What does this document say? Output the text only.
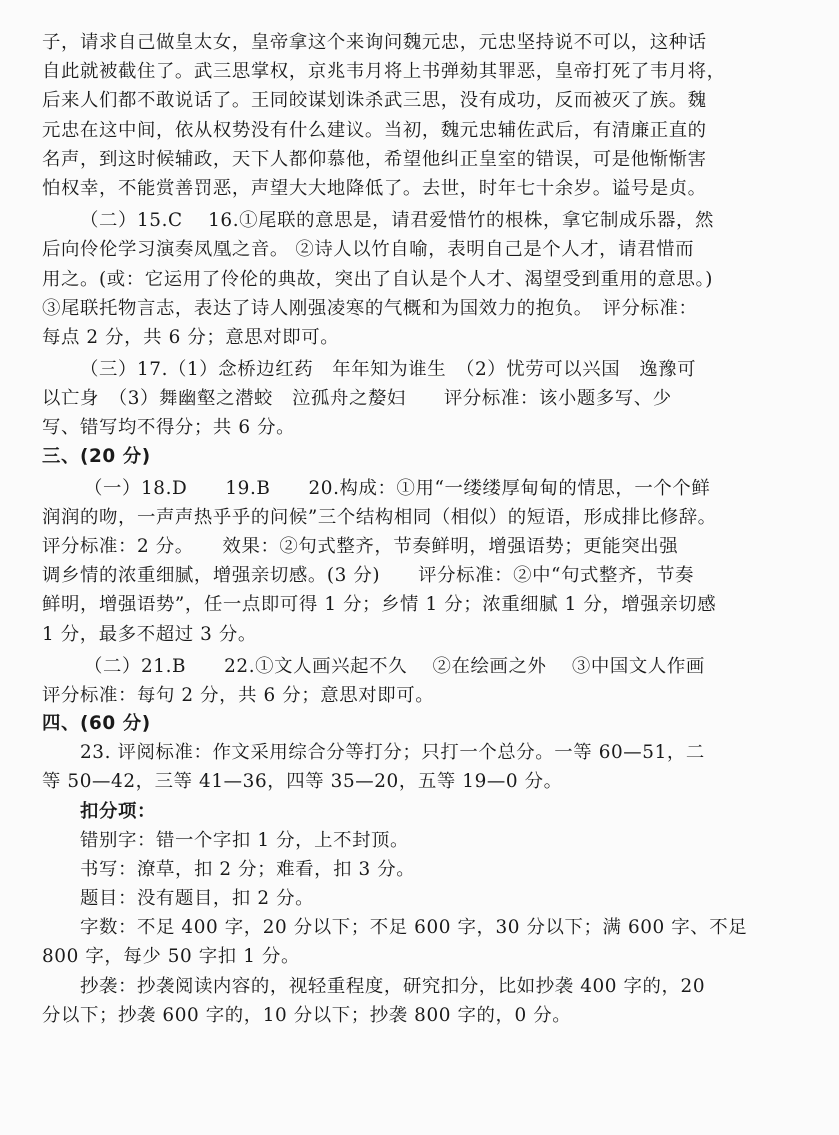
子，请求自己做皇太女，皇帝拿这个来询问魏元忠，元忠坚持说不可以，这种话
自此就被截住了。武三思掌权，京兆韦月将上书弹劾其罪恶，皇帝打死了韦月将，
后来人们都不敢说话了。王同皎谋划诛杀武三思，没有成功，反而被灭了族。魏
元忠在这中间，依从权势没有什么建议。当初，魏元忠辅佐武后，有清廉正直的
名声，到这时候辅政，天下人都仰慕他，希望他纠正皇室的错误，可是他惭惭害
怕权幸，不能赏善罚恶，声望大大地降低了。去世，时年七十余岁。谥号是贞。
（二）15.C　 16.①尾联的意思是，请君爱惜竹的根株，拿它制成乐器，然
后向伶伦学习演奏凤凰之音。 ②诗人以竹自喻，表明自己是个人才，请君惜而
用之。(或：它运用了伶伦的典故，突出了自认是个人才、渴望受到重用的意思。)
③尾联托物言志，表达了诗人刚强凌寒的气概和为国效力的抱负。　评分标准：
每点 2 分，共 6 分；意思对即可。
（三）17.（1）念桥边红药　年年知为谁生　（2）忧劳可以兴国　逸豫可
以亡身　（3）舞幽壑之潜蛟　泣孤舟之嫠妇　　评分标准：该小题多写、少
写、错写均不得分；共 6 分。
三、(20 分)
（一）18.D　　19.B　　20.构成：①用“一缕缕厚甸甸的情思，一个个鲜
润润的吻，一声声热乎乎的问候”三个结构相同（相似）的短语，形成排比修辞。
评分标准：2 分。　　效果：②句式整齐，节奏鲜明，增强语势；更能突出强
调乡情的浓重细腻，增强亲切感。(3 分)　　评分标准：②中“句式整齐，节奏
鲜明，增强语势”，任一点即可得 1 分；乡情 1 分；浓重细腻 1 分，增强亲切感
1 分，最多不超过 3 分。
（二）21.B　　22.①文人画兴起不久　 ②在绘画之外　 ③中国文人作画
评分标准：每句 2 分，共 6 分；意思对即可。
四、(60 分)
23. 评阅标准：作文采用综合分等打分；只打一个总分。一等 60—51，二
等 50—42，三等 41—36，四等 35—20，五等 19—0 分。
扣分项：
错别字：错一个字扣 1 分，上不封顶。
书写：潦草，扣 2 分；难看，扣 3 分。
题目：没有题目，扣 2 分。
字数：不足 400 字，20 分以下；不足 600 字，30 分以下；满 600 字、不足
800 字，每少 50 字扣 1 分。
抄袭：抄袭阅读内容的，视轻重程度，研究扣分，比如抄袭 400 字的，20
分以下；抄袭 600 字的，10 分以下；抄袭 800 字的，0 分。
